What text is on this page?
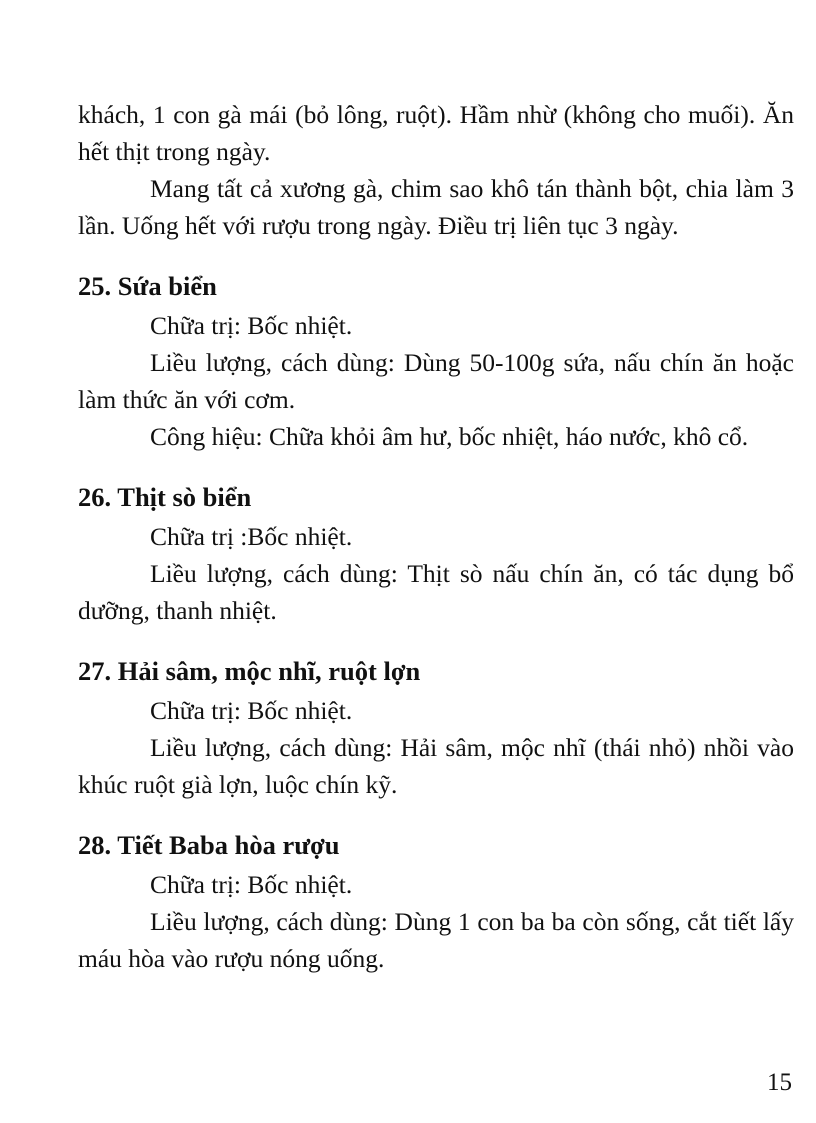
khách, 1 con gà mái (bỏ lông, ruột). Hầm nhừ (không cho muối). Ăn hết thịt trong ngày.

Mang tất cả xương gà, chim sao khô tán thành bột, chia làm 3 lần. Uống hết với rượu trong ngày. Điều trị liên tục 3 ngày.

25. Sứa biển

Chữa trị: Bốc nhiệt.

Liều lượng, cách dùng: Dùng 50-100g sứa, nấu chín ăn hoặc làm thức ăn với cơm.

Công hiệu: Chữa khỏi âm hư, bốc nhiệt, háo nước, khô cổ.

26. Thịt sò biển

Chữa trị :Bốc nhiệt.

Liều lượng, cách dùng: Thịt sò nấu chín ăn, có tác dụng bổ dưỡng, thanh nhiệt.

27. Hải sâm, mộc nhĩ, ruột lợn

Chữa trị: Bốc nhiệt.

Liều lượng, cách dùng: Hải sâm, mộc nhĩ (thái nhỏ) nhồi vào khúc ruột già lợn, luộc chín kỹ.

28. Tiết Baba hòa rượu

Chữa trị: Bốc nhiệt.

Liều lượng, cách dùng: Dùng 1 con ba ba còn sống, cắt tiết lấy máu hòa vào rượu nóng uống.

15
